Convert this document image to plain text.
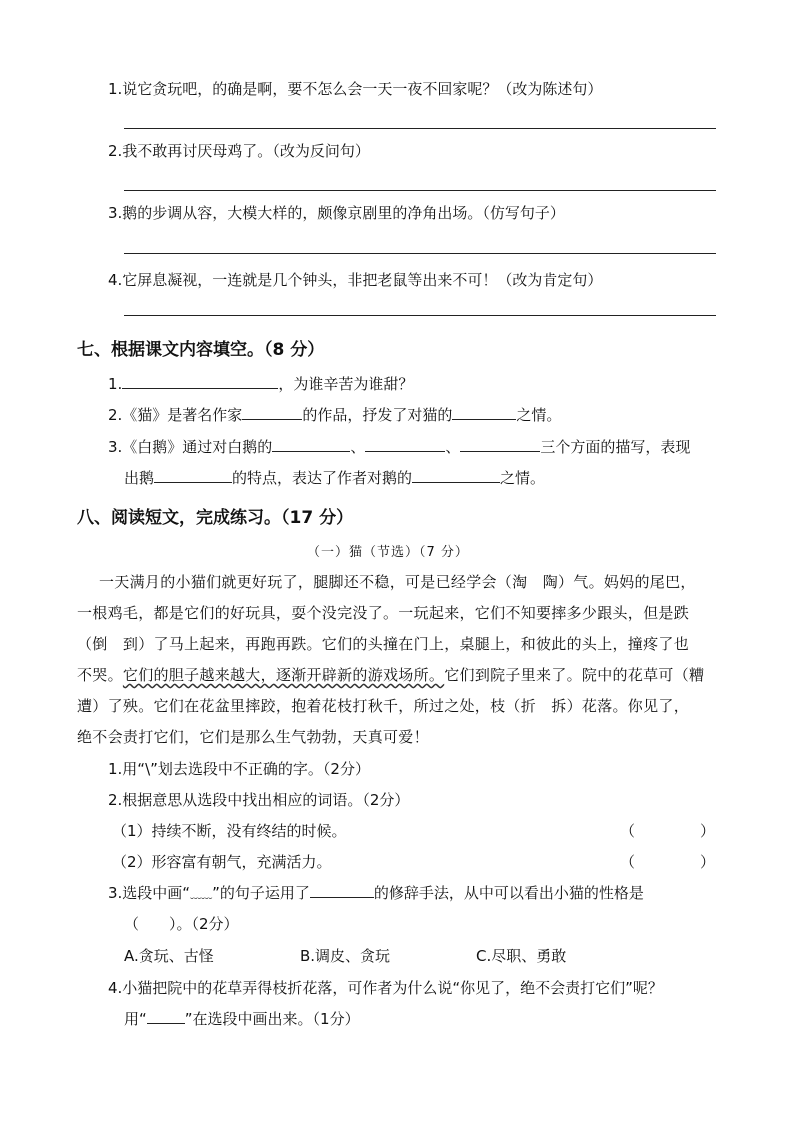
1.说它贪玩吧，的确是啊，要不怎么会一天一夜不回家呢？（改为陈述句）
2.我不敢再讨厌母鸡了。（改为反问句）
3.鹅的步调从容，大模大样的，颇像京剧里的净角出场。（仿写句子）
4.它屏息凝视，一连就是几个钟头，非把老鼠等出来不可！（改为肯定句）
七、根据课文内容填空。（8 分）
1.	，为谁辛苦为谁甜？
2.《猫》是著名作家	的作品，抒发了对猫的	之情。
3.《白鹅》通过对白鹅的	、	、	三个方面的描写，表现
出鹅	的特点，表达了作者对鹅的	之情。
八、阅读短文，完成练习。（17 分）
（一）猫（节选）（7 分）
一天满月的小猫们就更好玩了，腿脚还不稳，可是已经学会（淘　陶）气。妈妈的尾巴，
一根鸡毛，都是它们的好玩具，耍个没完没了。一玩起来，它们不知要摔多少跟头，但是跌
（倒　到）了马上起来，再跑再跌。它们的头撞在门上，桌腿上，和彼此的头上，撞疼了也
不哭。它们的胆子越来越大，逐渐开辟新的游戏场所。它们到院子里来了。院中的花草可（糟
遭）了殃。它们在花盆里摔跤，抱着花枝打秋千，所过之处，枝（折　拆）花落。你见了，
绝不会责打它们，它们是那么生气勃勃，天真可爱！
1.用“\”划去选段中不正确的字。（2分）
2.根据意思从选段中找出相应的词语。（2分）
（1）持续不断，没有终结的时候。	（	）
（2）形容富有朝气，充满活力。	（	）
3.选段中画“﹏﹏”的句子运用了	的修辞手法，从中可以看出小猫的性格是
（　　）。（2分）
A.贪玩、古怪	B.调皮、贪玩	C.尽职、勇敢
4.小猫把院中的花草弄得枝折花落，可作者为什么说“你见了，绝不会责打它们”呢？
用“	”在选段中画出来。（1分）
